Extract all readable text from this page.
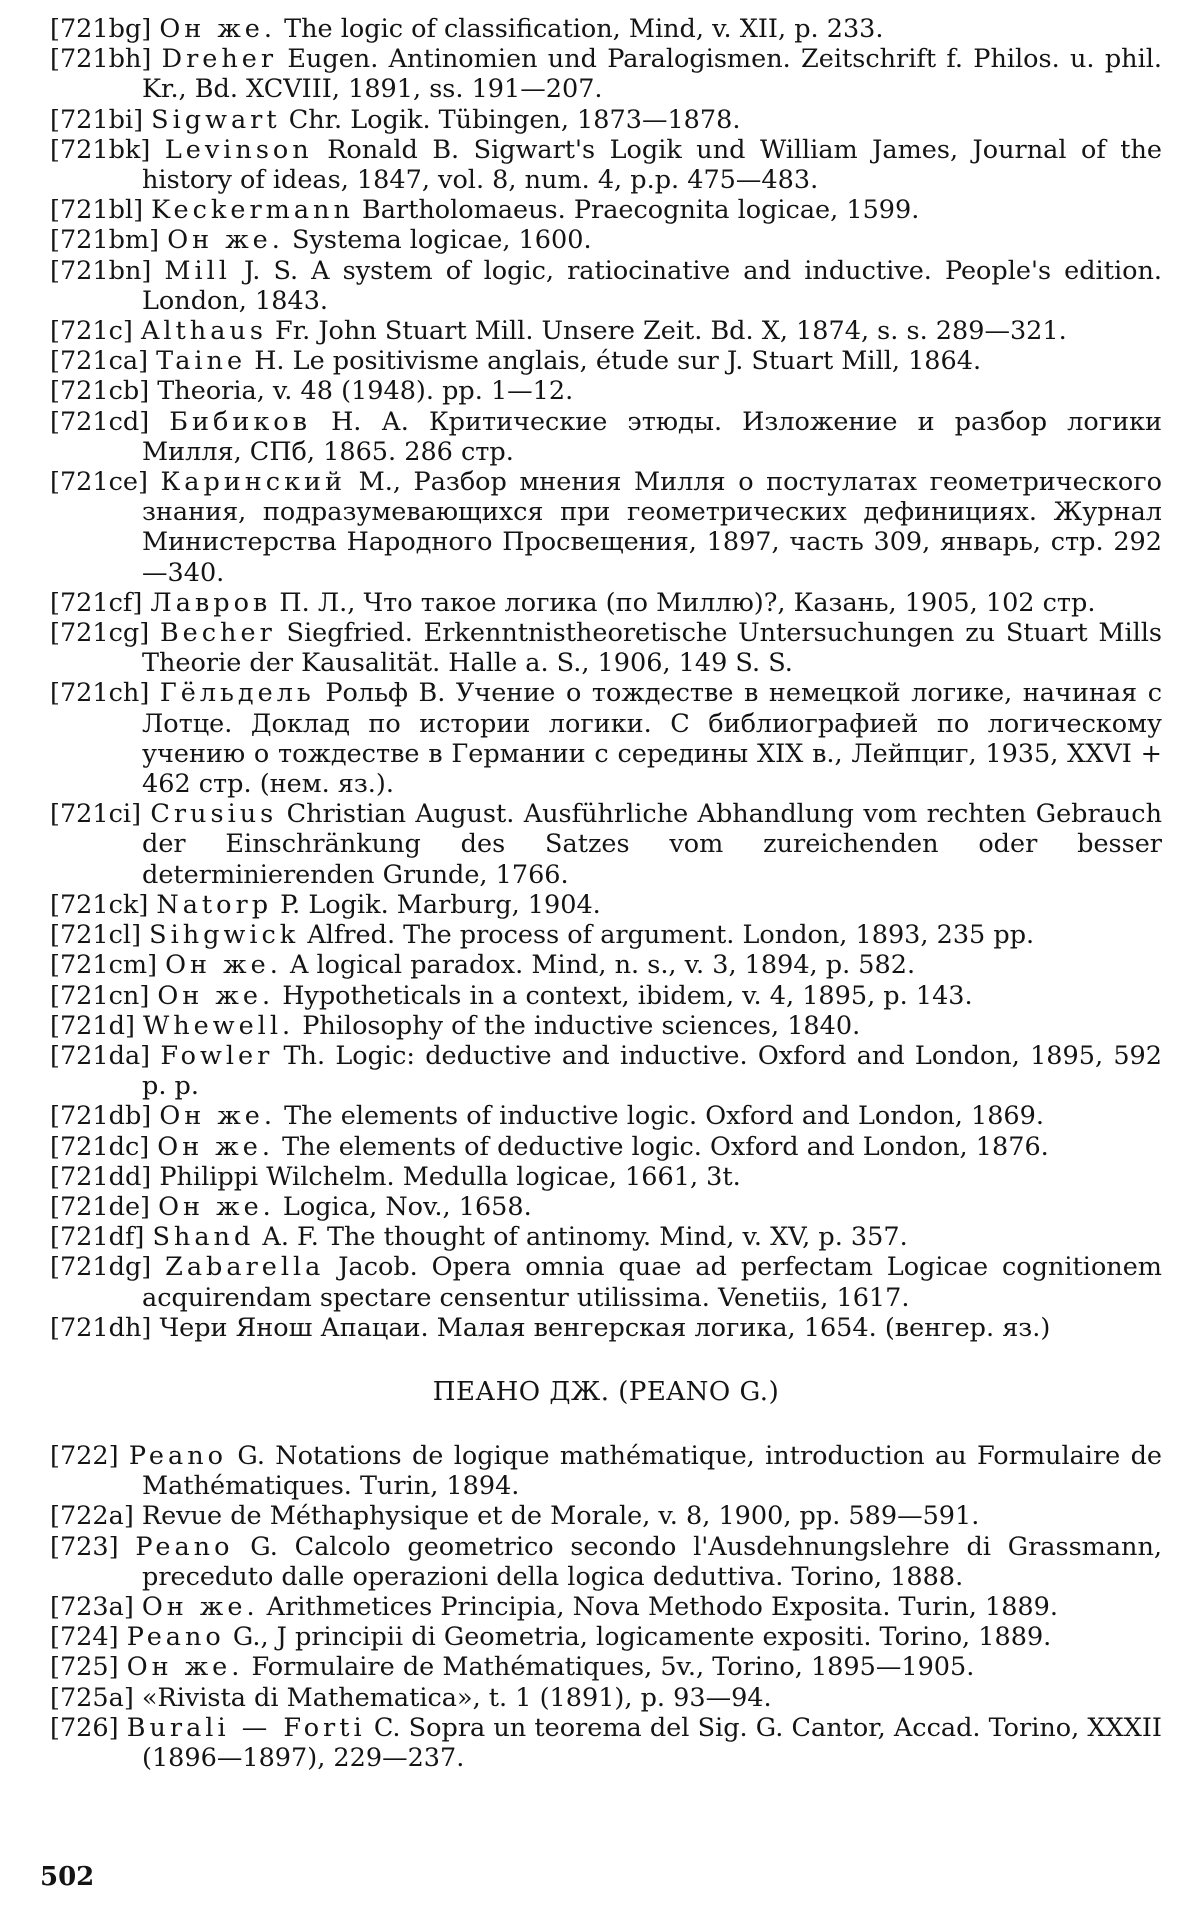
[721bg] Он же. The logic of classification, Mind, v. XII, p. 233.

[721bh] Dreher Eugen. Antinomien und Paralogismen. Zeitschrift f. Philos. u. phil. Kr., Bd. XCVIII, 1891, ss. 191—207.

[721bi] Sigwart Chr. Logik. Tübingen, 1873—1878.

[721bk] Levinson Ronald B. Sigwart's Logik und William James, Journal of the history of ideas, 1847, vol. 8, num. 4, p.p. 475—483.

[721bl] Keckermann Bartholomaeus. Praecognita logicae, 1599.

[721bm] Он же. Systema logicae, 1600.

[721bn] Mill J. S. A system of logic, ratiocinative and inductive. People's edition. London, 1843.

[721c] Althaus Fr. John Stuart Mill. Unsere Zeit. Bd. X, 1874, s. s. 289—321.

[721ca] Taine H. Le positivisme anglais, étude sur J. Stuart Mill, 1864.

[721cb] Theoria, v. 48 (1948). pp. 1—12.

[721cd] Бибиков Н. А. Критические этюды. Изложение и разбор логики Милля, СПб, 1865. 286 стр.

[721ce] Каринский М., Разбор мнения Милля о постулатах геометрического знания, подразумевающихся при геометрических дефинициях. Журнал Министерства Народного Просвещения, 1897, часть 309, январь, стр. 292—340.

[721cf] Лавров П. Л., Что такое логика (по Миллю)?, Казань, 1905, 102 стр.

[721cg] Becher Siegfried. Erkenntnistheoretische Untersuchungen zu Stuart Mills Theorie der Kausalität. Halle a. S., 1906, 149 S. S.

[721ch] Гёльдель Рольф В. Учение о тождестве в немецкой логике, начиная с Лотце. Доклад по истории логики. С библиографией по логическому учению о тождестве в Германии с середины XIX в., Лейпциг, 1935, XXVI + 462 стр. (нем. яз.).

[721ci] Crusius Christian August. Ausführliche Abhandlung vom rechten Gebrauch der Einschränkung des Satzes vom zureichenden oder besser determinierenden Grunde, 1766.

[721ck] Natorp P. Logik. Marburg, 1904.

[721cl] Sihgwick Alfred. The process of argument. London, 1893, 235 pp.

[721cm] Он же. A logical paradox. Mind, n. s., v. 3, 1894, p. 582.

[721cn] Он же. Hypotheticals in a context, ibidem, v. 4, 1895, p. 143.

[721d] Whewell. Philosophy of the inductive sciences, 1840.

[721da] Fowler Th. Logic: deductive and inductive. Oxford and London, 1895, 592 p. p.

[721db] Он же. The elements of inductive logic. Oxford and London, 1869.

[721dc] Он же. The elements of deductive logic. Oxford and London, 1876.

[721dd] Philippi Wilchelm. Medulla logicae, 1661, 3t.

[721de] Он же. Logica, Nov., 1658.

[721df] Shand A. F. The thought of antinomy. Mind, v. XV, p. 357.

[721dg] Zabarella Jacob. Opera omnia quae ad perfectam Logicae cognitionem acquirendam spectare censentur utilissima. Venetiis, 1617.

[721dh] Чери Янош Апацаи. Малая венгерская логика, 1654. (венгер. яз.)

ПЕАНО ДЖ. (PEANO G.)

[722] Peano G. Notations de logique mathématique, introduction au Formulaire de Mathématiques. Turin, 1894.

[722a] Revue de Méthaphysique et de Morale, v. 8, 1900, pp. 589—591.

[723] Peano G. Calcolo geometrico secondo l'Ausdehnungslehre di Grassmann, preceduto dalle operazioni della logica deduttiva. Torino, 1888.

[723a] Он же. Arithmetices Principia, Nova Methodo Exposita. Turin, 1889.

[724] Peano G., J principii di Geometria, logicamente expositi. Torino, 1889.

[725] Он же. Formulaire de Mathématiques, 5v., Torino, 1895—1905.

[725a] «Rivista di Mathematica», t. 1 (1891), p. 93—94.

[726] Burali — Forti C. Sopra un teorema del Sig. G. Cantor, Accad. Torino, XXXII (1896—1897), 229—237.

502
